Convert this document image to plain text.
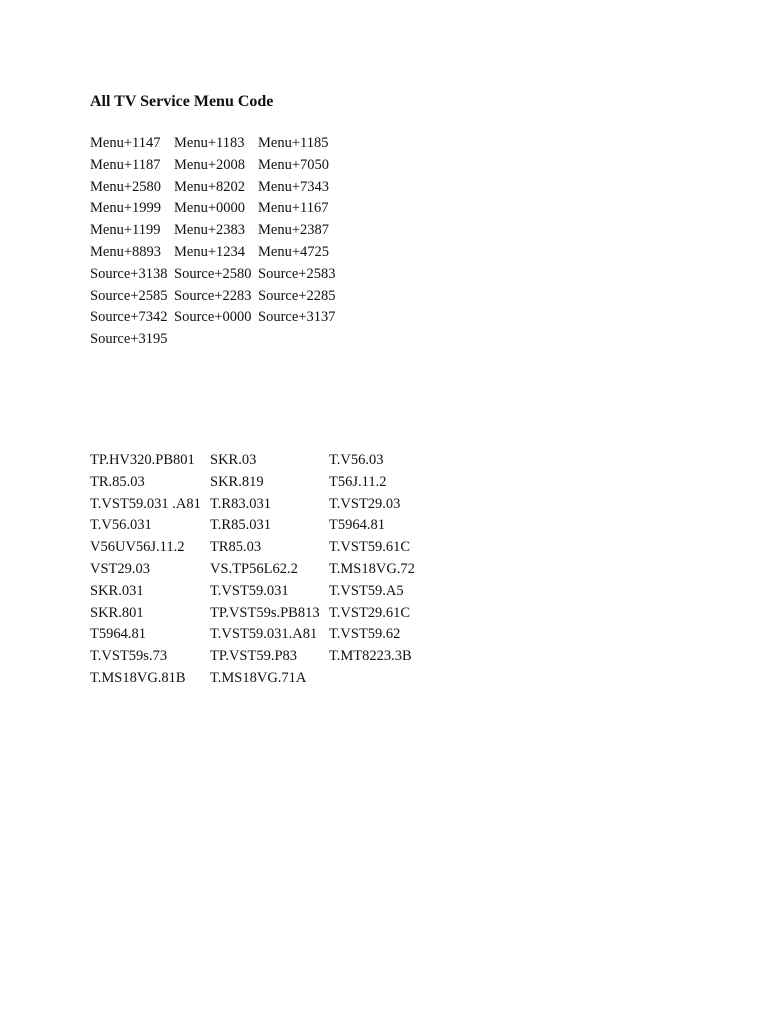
All TV Service Menu Code
Menu+1147	Menu+1183	Menu+1185
Menu+1187	Menu+2008	Menu+7050
Menu+2580	Menu+8202	Menu+7343
Menu+1999	Menu+0000	Menu+1167
Menu+1199	Menu+2383	Menu+2387
Menu+8893	Menu+1234	Menu+4725
Source+3138	Source+2580	Source+2583
Source+2585	Source+2283	Source+2285
Source+7342	Source+0000	Source+3137
Source+3195		
TP.HV320.PB801	SKR.03	T.V56.03
TR.85.03	SKR.819	T56J.11.2
T.VST59.031 .A81	T.R83.031	T.VST29.03
T.V56.031	T.R85.031	T5964.81
V56UV56J.11.2	TR85.03	T.VST59.61C
VST29.03	VS.TP56L62.2	T.MS18VG.72
SKR.031	T.VST59.031	T.VST59.A5
SKR.801	TP.VST59s.PB813	T.VST29.61C
T5964.81	T.VST59.031.A81	T.VST59.62
T.VST59s.73	TP.VST59.P83	T.MT8223.3B
T.MS18VG.81B	T.MS18VG.71A	
